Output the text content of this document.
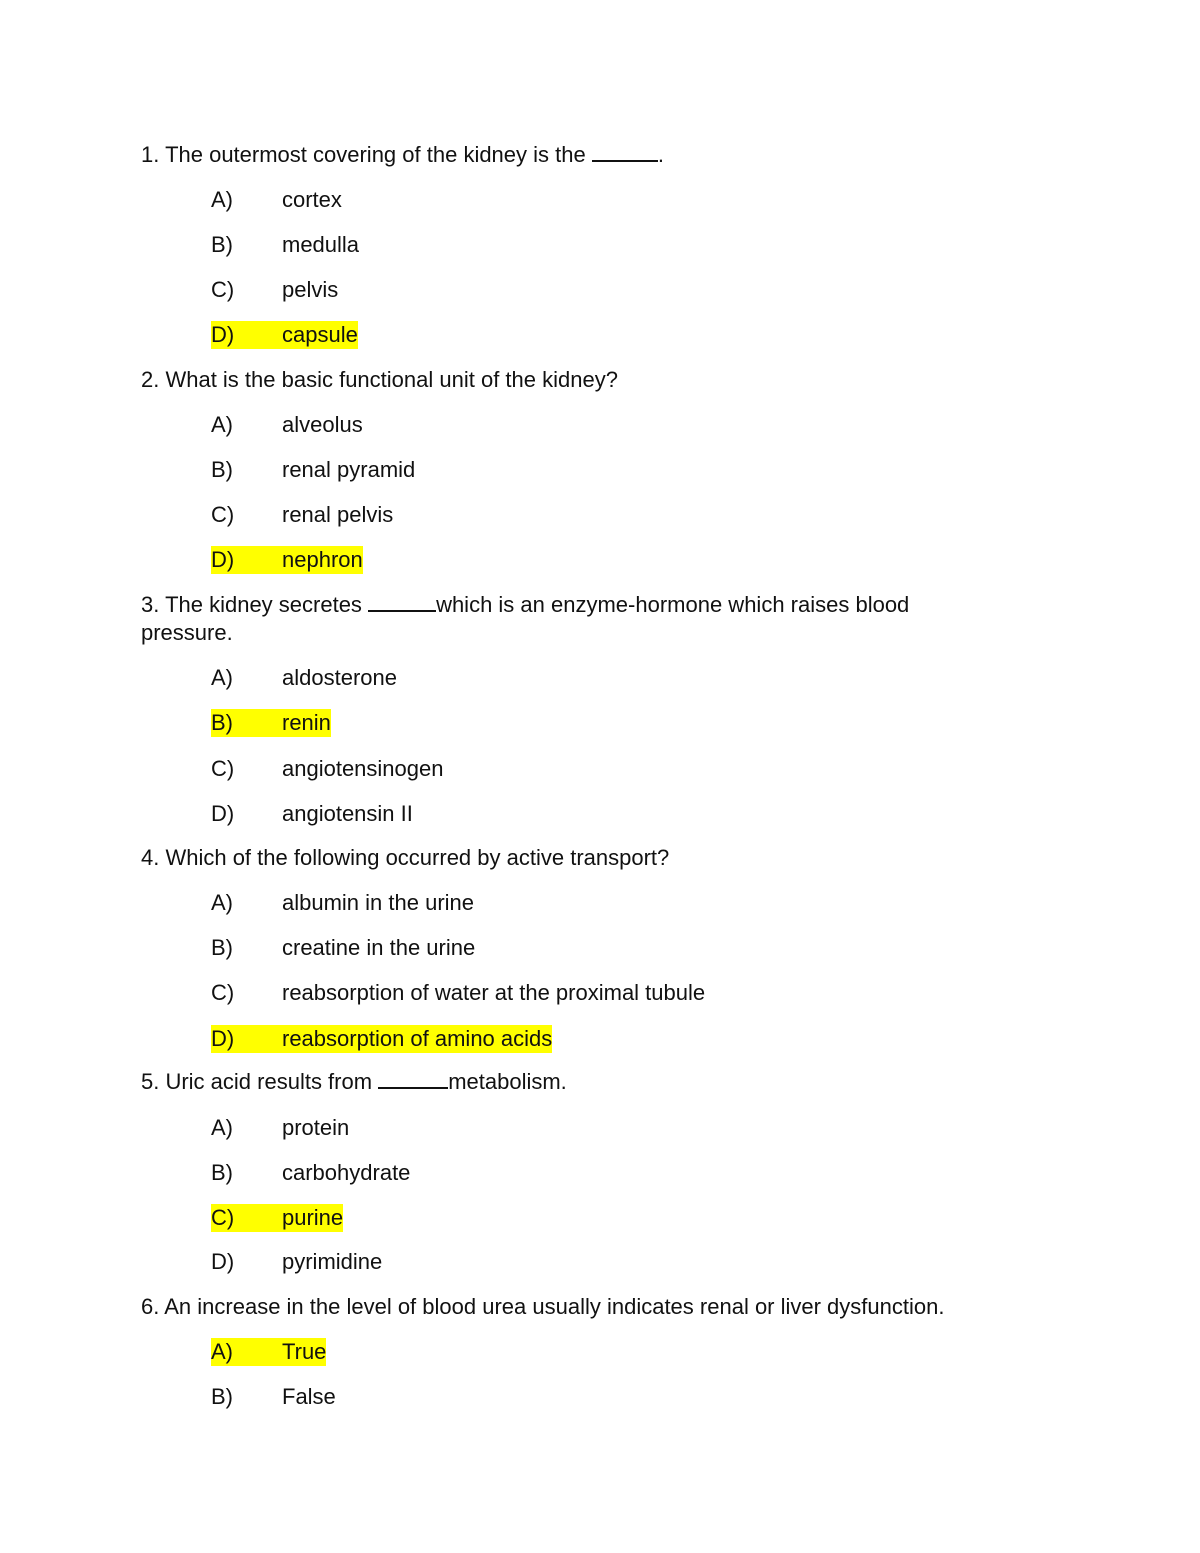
1. The outermost covering of the kidney is the	.
A) cortex
B) medulla
C) pelvis
D) capsule
2. What is the basic functional unit of the kidney?
A) alveolus
B) renal pyramid
C) renal pelvis
D) nephron
3. The kidney secretes	which is an enzyme-hormone which raises blood pressure.
A) aldosterone
B) renin
C) angiotensinogen
D) angiotensin II
4. Which of the following occurred by active transport?
A) albumin in the urine
B) creatine in the urine
C) reabsorption of water at the proximal tubule
D) reabsorption of amino acids
5. Uric acid results from	metabolism.
A) protein
B) carbohydrate
C) purine
D) pyrimidine
6. An increase in the level of blood urea usually indicates renal or liver dysfunction.
A) True
B) False
